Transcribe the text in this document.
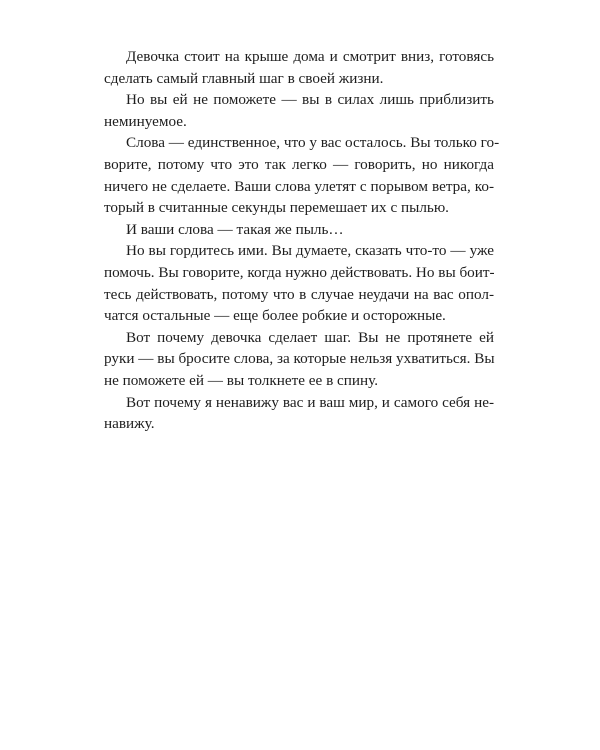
Девочка стоит на крыше дома и смотрит вниз, готовясь
сделать самый главный шаг в своей жизни.
Но вы ей не поможете — вы в силах лишь приблизить
неминуемое.
Слова — единственное, что у вас осталось. Вы только го-
ворите, потому что это так легко — говорить, но никогда
ничего не сделаете. Ваши слова улетят с порывом ветра, ко-
торый в считанные секунды перемешает их с пылью.
И ваши слова — такая же пыль…
Но вы гордитесь ими. Вы думаете, сказать что-то — уже
помочь. Вы говорите, когда нужно действовать. Но вы боит-
тесь действовать, потому что в случае неудачи на вас опол-
чатся остальные — еще более робкие и осторожные.
Вот почему девочка сделает шаг. Вы не протянете ей
руки — вы бросите слова, за которые нельзя ухватиться. Вы
не поможете ей — вы толкнете ее в спину.
Вот почему я ненавижу вас и ваш мир, и самого себя не-
навижу.
